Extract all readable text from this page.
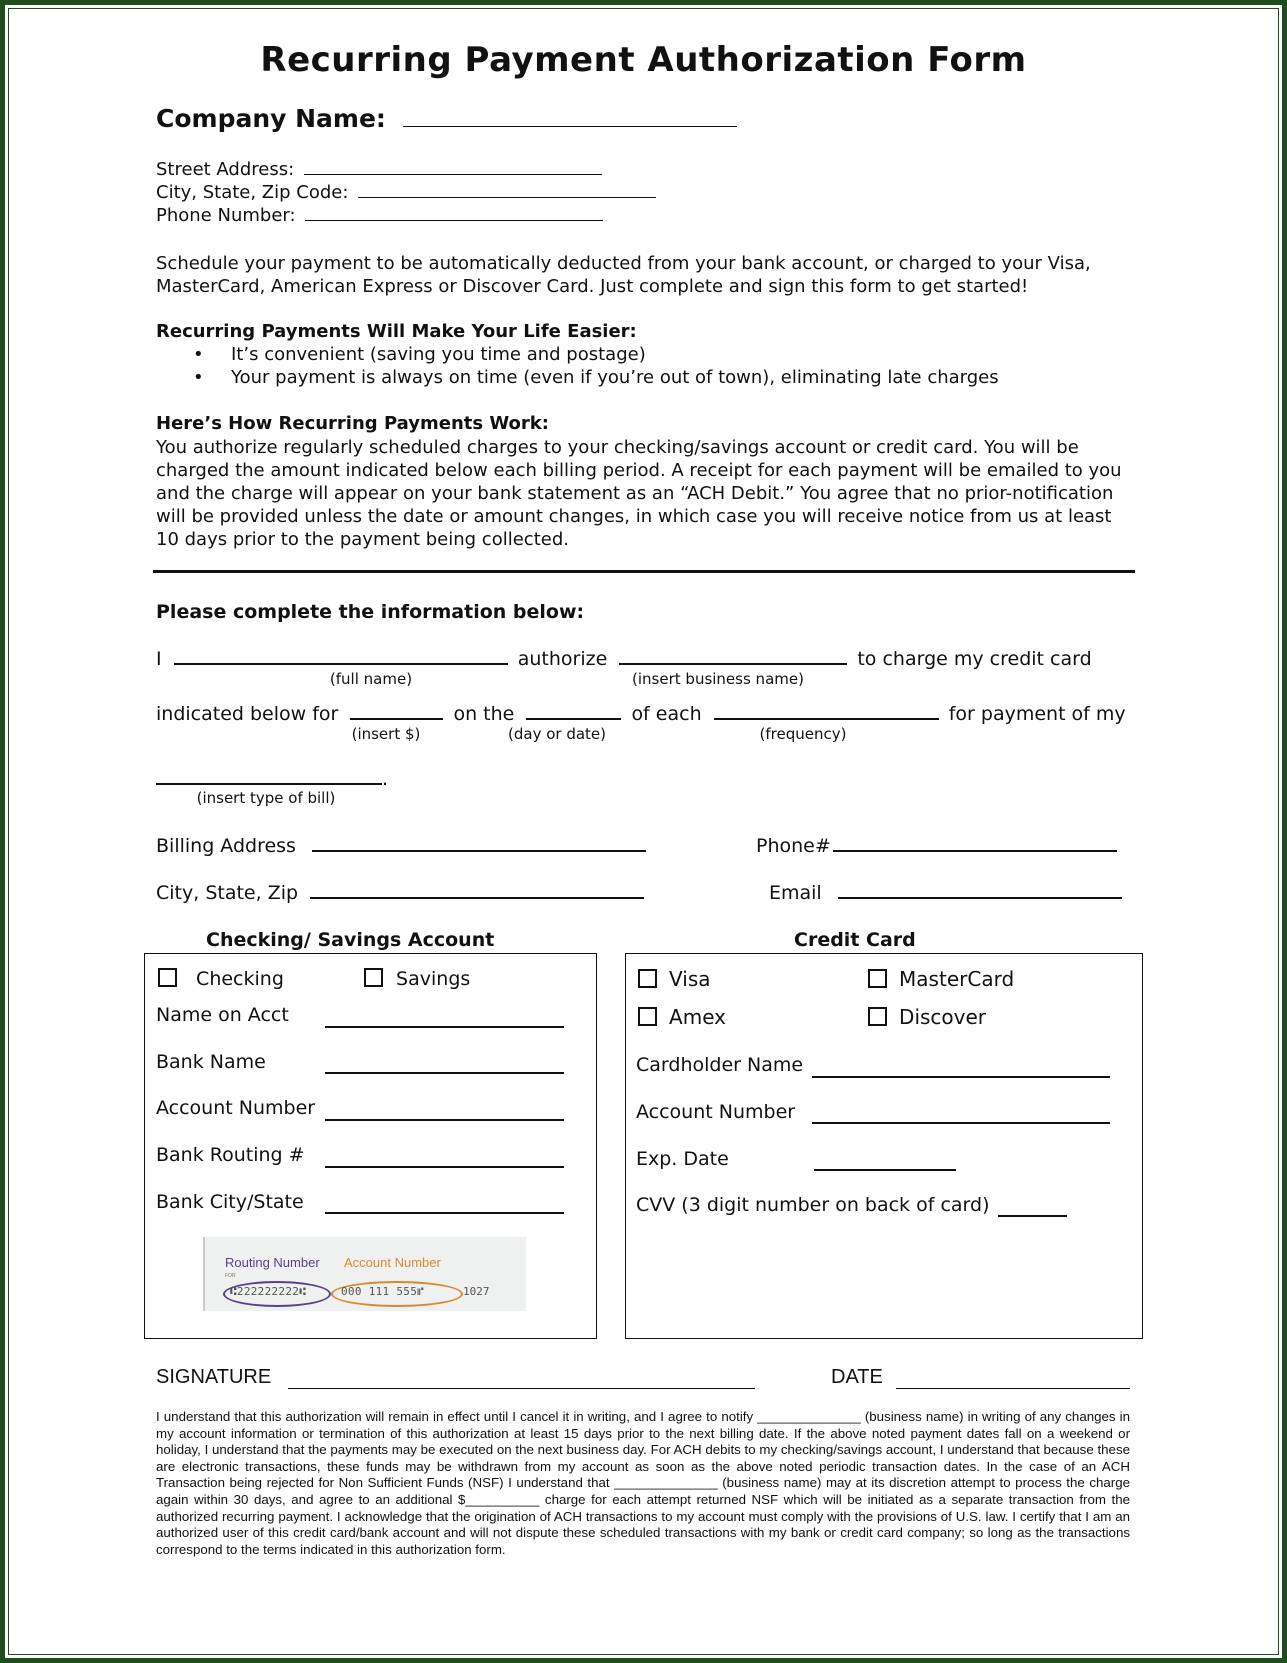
Recurring Payment Authorization Form
Company Name:
Street Address:
City, State, Zip Code:
Phone Number:
Schedule your payment to be automatically deducted from your bank account, or charged to your Visa, MasterCard, American Express or Discover Card. Just complete and sign this form to get started!
Recurring Payments Will Make Your Life Easier:
• It’s convenient (saving you time and postage)
• Your payment is always on time (even if you’re out of town), eliminating late charges
Here’s How Recurring Payments Work:
You authorize regularly scheduled charges to your checking/savings account or credit card. You will be charged the amount indicated below each billing period. A receipt for each payment will be emailed to you and the charge will appear on your bank statement as an “ACH Debit.” You agree that no prior-notification will be provided unless the date or amount changes, in which case you will receive notice from us at least 10 days prior to the payment being collected.
Please complete the information below:
I	authorize	to charge my credit card
(full name)	(insert business name)
indicated below for	on the	of each	for payment of my
(insert $)	(day or date)	(frequency)
.
(insert type of bill)
Billing Address	Phone#
City, State, Zip	Email
Checking/ Savings Account	Credit Card
Checking	Savings
Name on Acct
Bank Name
Account Number
Bank Routing #
Bank City/State
Routing Number Account Number
FOR
⑆222222222⑆	000 111 555⑈	1027
Visa	MasterCard
Amex	Discover
Cardholder Name
Account Number
Exp. Date
CVV (3 digit number on back of card)
SIGNATURE	DATE
I understand that this authorization will remain in effect until I cancel it in writing, and I agree to notify ______________ (business name) in writing of any changes in my account information or termination of this authorization at least 15 days prior to the next billing date. If the above noted payment dates fall on a weekend or holiday, I understand that the payments may be executed on the next business day. For ACH debits to my checking/savings account, I understand that because these are electronic transactions, these funds may be withdrawn from my account as soon as the above noted periodic transaction dates. In the case of an ACH Transaction being rejected for Non Sufficient Funds (NSF) I understand that ______________ (business name) may at its discretion attempt to process the charge again within 30 days, and agree to an additional $__________ charge for each attempt returned NSF which will be initiated as a separate transaction from the authorized recurring payment. I acknowledge that the origination of ACH transactions to my account must comply with the provisions of U.S. law. I certify that I am an authorized user of this credit card/bank account and will not dispute these scheduled transactions with my bank or credit card company; so long as the transactions correspond to the terms indicated in this authorization form.
